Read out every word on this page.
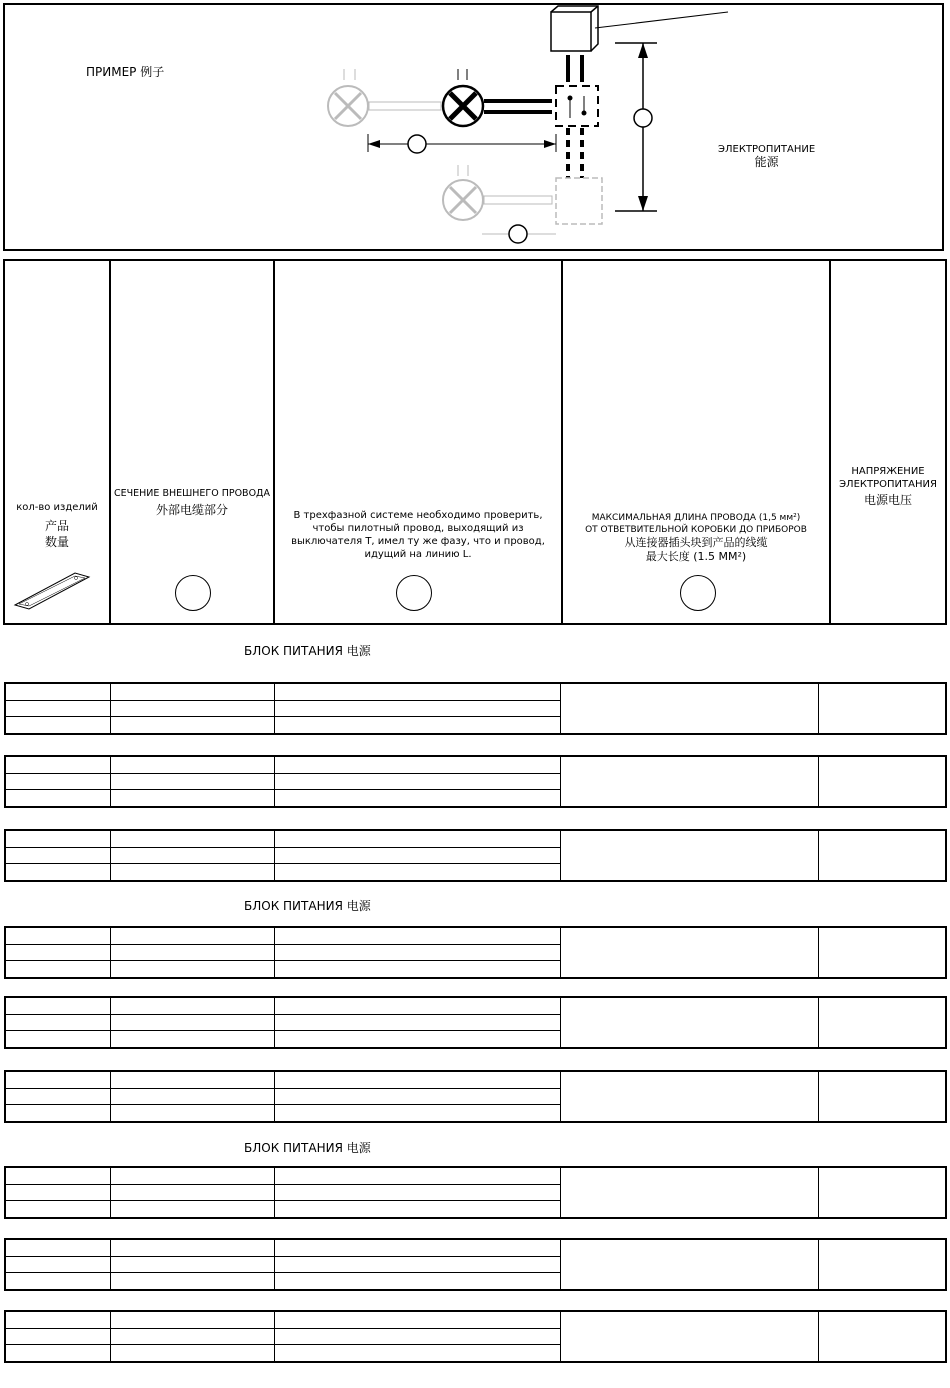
ПРИМЕР 例子
ЭЛЕКТРОПИТАНИЕ
能源
кол-во изделий
产品
数量
СЕЧЕНИЕ ВНЕШНЕГО ПРОВОДА
外部电缆部分	В трехфазной системе необходимо проверить,
чтобы пилотный провод, выходящий из
выключателя T, имел ту же фазу, что и провод,
идущий на линию L.
МАКСИМАЛЬНАЯ ДЛИНА ПРОВОДА (1,5 мм²)
ОТ ОТВЕТВИТЕЛЬНОЙ КОРОБКИ ДО ПРИБОРОВ
从连接器插头块到产品的线缆
最大长度 (1.5 MM²)
НАПРЯЖЕНИЕ
ЭЛЕКТРОПИТАНИЯ
电源电压
БЛОК ПИТАНИЯ 电源
БЛОК ПИТАНИЯ 电源
БЛОК ПИТАНИЯ 电源
